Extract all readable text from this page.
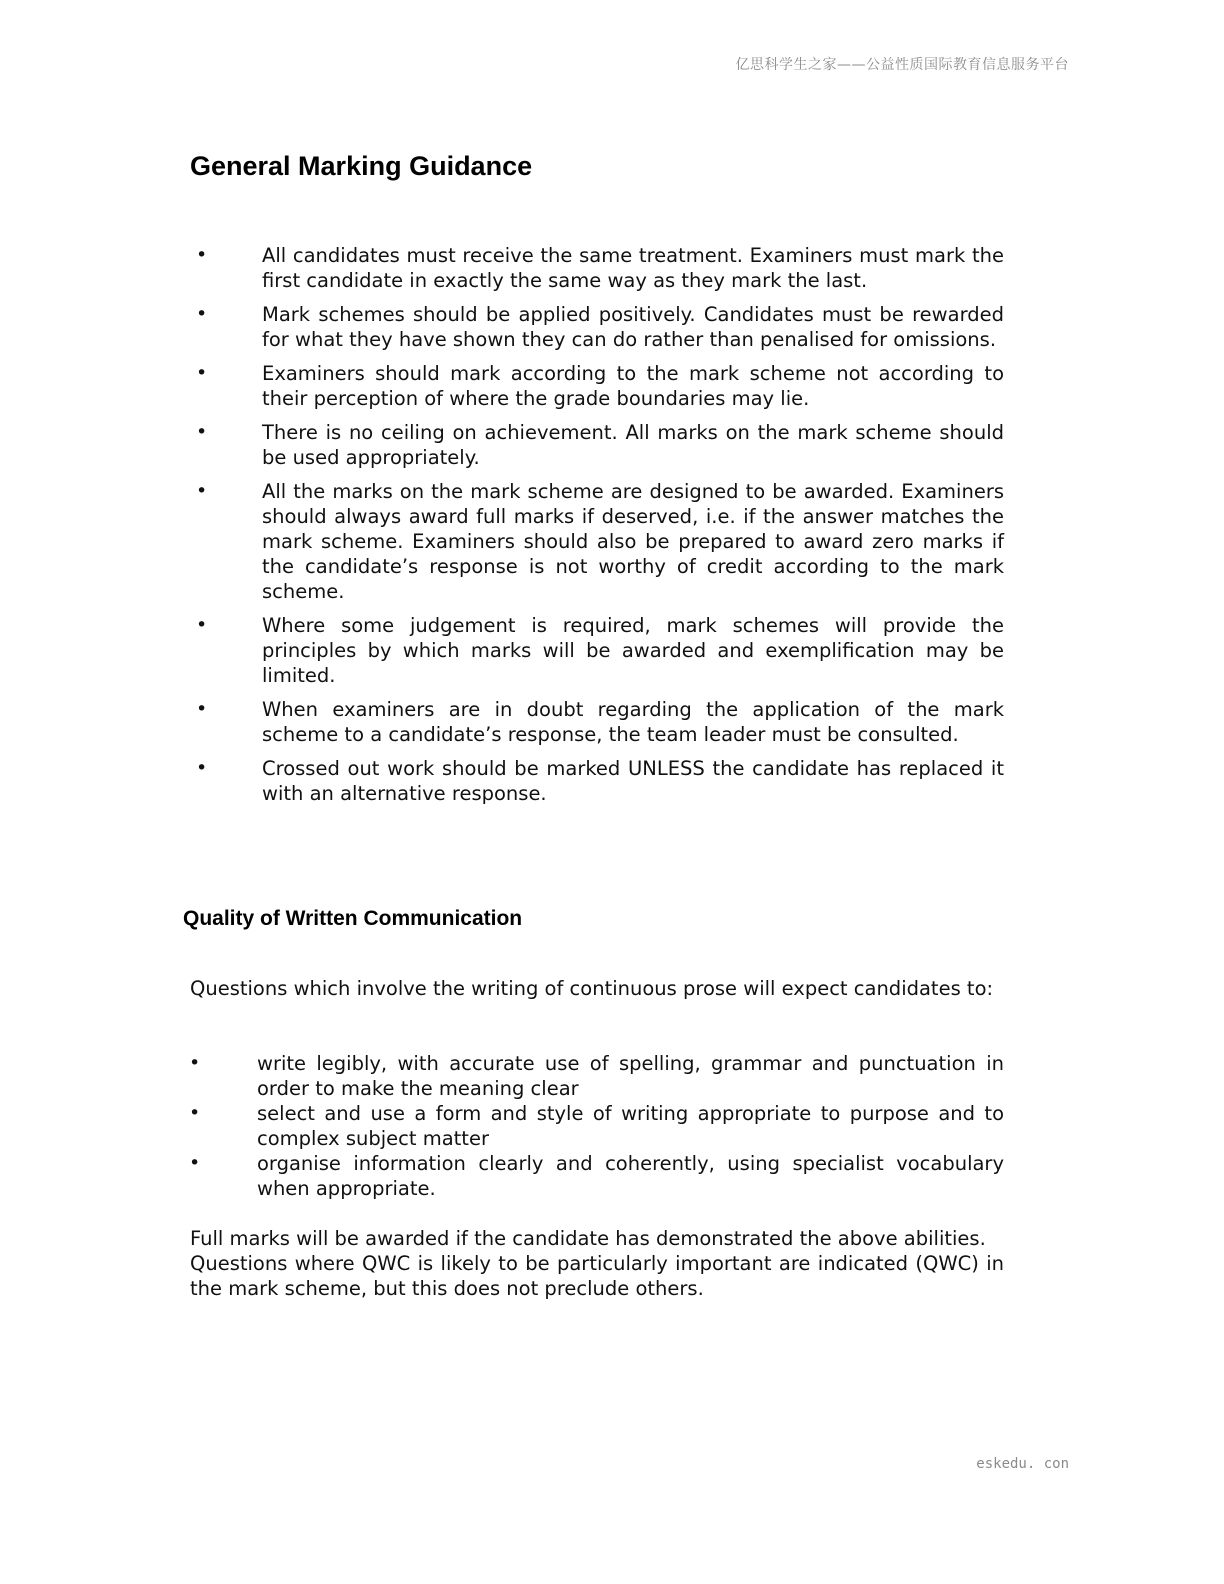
亿思科学生之家——公益性质国际教育信息服务平台
General Marking Guidance
•	All candidates must receive the same treatment. Examiners must mark the first candidate in exactly the same way as they mark the last.
•	Mark schemes should be applied positively. Candidates must be rewarded for what they have shown they can do rather than penalised for omissions.
•	Examiners should mark according to the mark scheme not according to their perception of where the grade boundaries may lie.
•	There is no ceiling on achievement. All marks on the mark scheme should be used appropriately.
•	All the marks on the mark scheme are designed to be awarded. Examiners should always award full marks if deserved, i.e. if the answer matches the mark scheme. Examiners should also be prepared to award zero marks if the candidate’s response is not worthy of credit according to the mark scheme.
•	Where some judgement is required, mark schemes will provide the principles by which marks will be awarded and exemplification may be limited.
•	When examiners are in doubt regarding the application of the mark scheme to a candidate’s response, the team leader must be consulted.
•	Crossed out work should be marked UNLESS the candidate has replaced it with an alternative response.
Quality of Written Communication

Questions which involve the writing of continuous prose will expect candidates to:

•	write legibly, with accurate use of spelling, grammar and punctuation in order to make the meaning clear
•	select and use a form and style of writing appropriate to purpose and to complex subject matter
•	organise information clearly and coherently, using specialist vocabulary when appropriate.

Full marks will be awarded if the candidate has demonstrated the above abilities.
Questions where QWC is likely to be particularly important are indicated (QWC) in the mark scheme, but this does not preclude others.

eskedu. con
